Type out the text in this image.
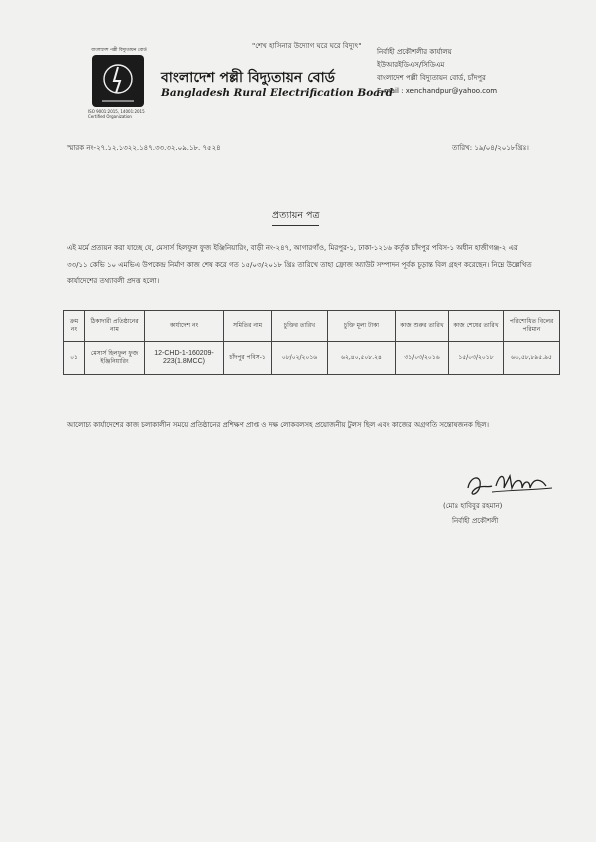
"শেখ হাসিনার উদ্যোগ ঘরে ঘরে বিদ্যুৎ"
বাংলাদেশ পল্লী বিদ্যুতায়ন বোর্ড
ISO 9001:2015, 14001:2015
Certified Organization
বাংলাদেশ পল্লী বিদ্যুতায়ন বোর্ড
Bangladesh Rural Electrification Board
নির্বাহী প্রকৌশলীর কার্যালয়
ইউআরইডিএস/সিডিএম
বাংলাদেশ পল্লী বিদ্যুতায়ন বোর্ড, চাঁদপুর
E-mail : xenchandpur@yahoo.com
স্মারক নং-২৭.১২.১৩২২.১৪৭.৩৩.৩২.০৯.১৮. ৭৫২৪	তারিখ: ১৯/০৪/২০১৮খ্রিঃ।
প্রত্যায়ন পত্র
এই মর্মে প্রত্যয়ন করা যাচ্ছে যে, মেসার্স হিলফুল ফুজ ইঞ্জিনিয়ারিং, বাড়ী নং-২৪৭, আগারগাঁও, মিরপুর-১, ঢাকা-১২১৬ কর্তৃক চাঁদপুর পবিস-১ অধীন হাজীগঞ্জ-২ এর ৩৩/১১ কেভি ১০ এমভিএ উপকেন্দ্র নির্মাণ কাজ শেষ করে গত ১৫/০৩/২০১৮ খ্রিঃ তারিখে তাহা ফ্রোজ অ্যাউট সম্পাদন পূর্বক চূড়ান্ত বিল গ্রহণ করেছেন। নিম্নে উল্লেখিত কার্যাদেশের তথ্যাবলী প্রদত্ত হলো।
ক্রম নং	ঠিকাদারী প্রতিষ্ঠানের নাম	কার্যাদেশ নং	সমিতির নাম	চুক্তির তারিখ	চুক্তি মূল্য টাকা	কাজ শুরুর তারিখ	কাজ শেষের তারিখ	পরিশোধিত বিলের পরিমান
০১	মেসার্স হিলফুল ফুজ ইঞ্জিনিয়ারিং	12-CHD-1-160209-223(1.8MCC)	চাঁদপুর পবিস-১	০৮/০২/২০১৬	৬২,৪০,৫০৮.২৪	৩১/০৩/২০১৬	১৫/০৩/২০১৮	৬০,৫৮,৮৯৫.৯৫
আলোচ্য কার্যাদেশের কাজ চলাকালীন সময়ে প্রতিষ্ঠানের প্রশিক্ষণ প্রাপ্ত ও দক্ষ লোকবলসহ প্রয়োজনীয় টুলস ছিল এবং কাজের অগ্রগতি সন্তোষজনক ছিল।
(মোঃ হাবিবুর রহমান)
নির্বাহী প্রকৌশলী
